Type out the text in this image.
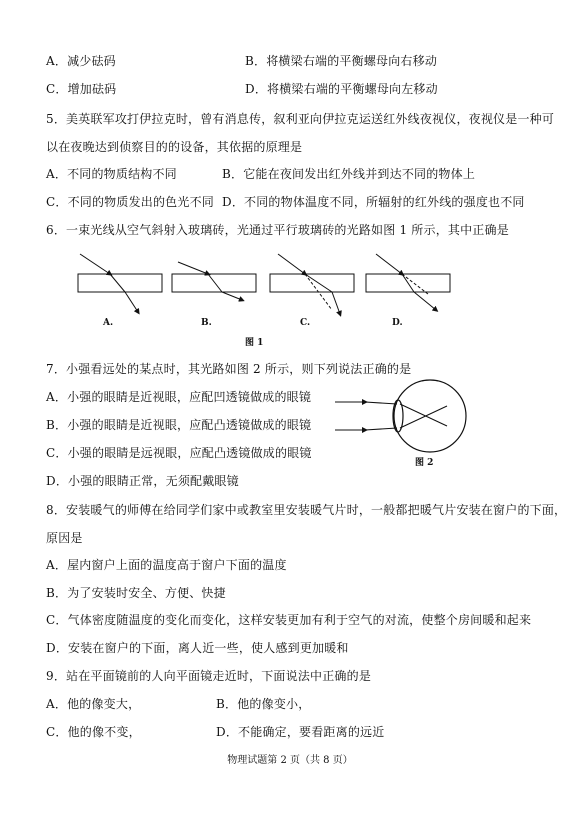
A．减少砝码	B．将横梁右端的平衡螺母向右移动
C．增加砝码	D．将横梁右端的平衡螺母向左移动
5．美英联军攻打伊拉克时，曾有消息传，叙利亚向伊拉克运送红外线夜视仪，夜视仪是一种可
以在夜晚达到侦察目的的设备，其依据的原理是
A．不同的物质结构不同	B．它能在夜间发出红外线并到达不同的物体上
C．不同的物质发出的色光不同 D．不同的物体温度不同，所辐射的红外线的强度也不同
6．一束光线从空气斜射入玻璃砖，光通过平行玻璃砖的光路如图 1 所示，其中正确是
A.	B.	C.	D.
图 1
7．小强看远处的某点时，其光路如图 2 所示，则下列说法正确的是
A．小强的眼睛是近视眼，应配凹透镜做成的眼镜
B．小强的眼睛是近视眼，应配凸透镜做成的眼镜
C．小强的眼睛是远视眼，应配凸透镜做成的眼镜
D．小强的眼睛正常，无须配戴眼镜
图 2
8．安装暖气的师傅在给同学们家中或教室里安装暖气片时，一般都把暖气片安装在窗户的下面，
原因是
A．屋内窗户上面的温度高于窗户下面的温度
B．为了安装时安全、方便、快捷
C．气体密度随温度的变化而变化，这样安装更加有利于空气的对流，使整个房间暖和起来
D．安装在窗户的下面，离人近一些，使人感到更加暖和
9．站在平面镜前的人向平面镜走近时，下面说法中正确的是
A．他的像变大，	B．他的像变小，
C．他的像不变，	D．不能确定，要看距离的远近
物理试题第 2 页（共 8 页）
